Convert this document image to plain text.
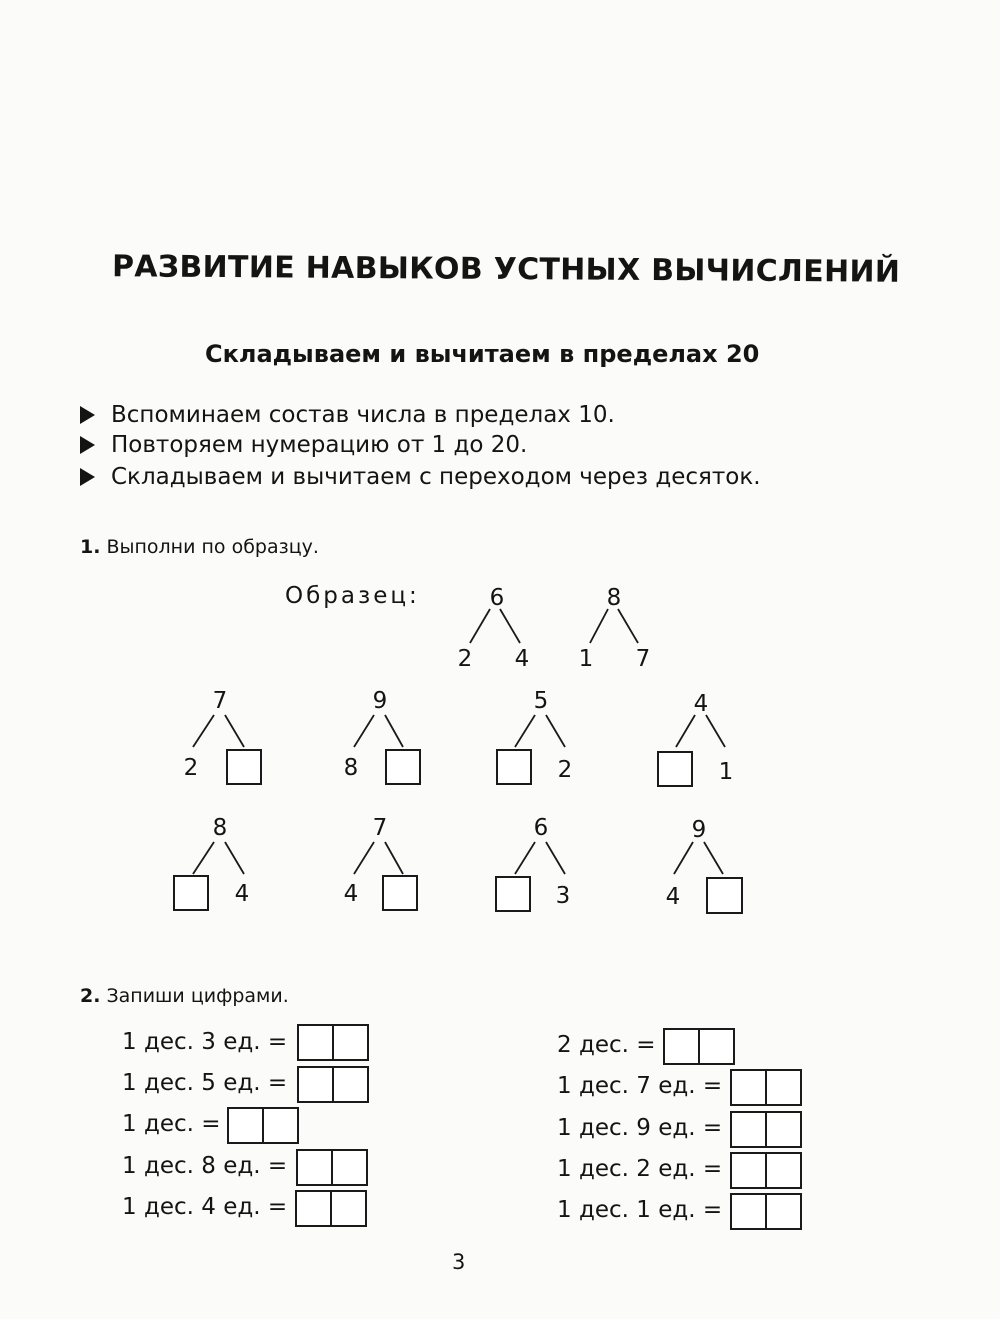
РАЗВИТИЕ НАВЫКОВ УСТНЫХ ВЫЧИСЛЕНИЙ
Складываем и вычитаем в пределах 20
Вспоминаем состав числа в пределах 10.
Повторяем нумерацию от 1 до 20.
Складываем и вычитаем с переходом через десяток.
1. Выполни по образцу.
Образец:	6
2 4
8
1 7
7
2
9
8
5
2
4
1
8
4
7
4
6
3
9
4
2. Запиши цифрами.
1 дес. 3 ед. =
1 дес. 5 ед. =
1 дес. =
1 дес. 8 ед. =
1 дес. 4 ед. =
2 дес. =
1 дес. 7 ед. =
1 дес. 9 ед. =
1 дес. 2 ед. =
1 дес. 1 ед. =
3
